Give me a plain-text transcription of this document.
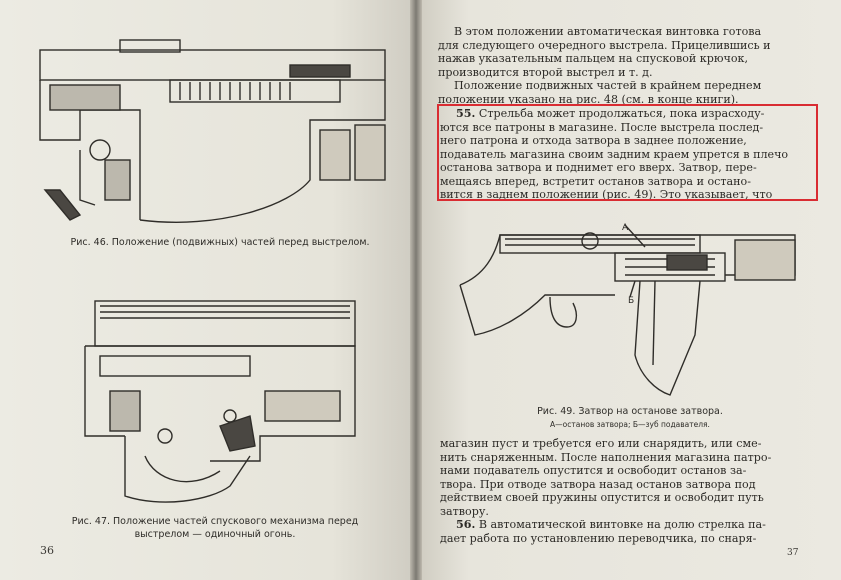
Рис. 46. Положение (подвижных) частей перед выстрелом.
Рис. 47. Положение частей спускового механизма перед
выстрелом — одиночный огонь.
36

В этом положении автоматическая винтовка готова

для следующего очередного выстрела. Прицелившись и

нажав указательным пальцем на спусковой крючок,

производится второй выстрел и т. д.

Положение подвижных частей в крайнем переднем

положении указано на рис. 48 (см. в конце книги).

55. Стрельба может продолжаться, пока израсходу-

ются все патроны в магазине. После выстрела послед-

него патрона и отхода затвора в заднее положение,

подаватель магазина своим задним краем упрется в плечо

останова затвора и поднимет его вверх. Затвор, пере-

мещаясь вперед, встретит останов затвора и остано-

вится в заднем положении (рис. 49). Это указывает, что

А
Б
Рис. 49. Затвор на останове затвора.
А—останов затвора; Б—зуб подавателя.

магазин пуст и требуется его или снарядить, или сме-

нить снаряженным. После наполнения магазина патро-

нами подаватель опустится и освободит останов за-

твора. При отводе затвора назад останов затвора под

действием своей пружины опустится и освободит путь

затвору.

56. В автоматической винтовке на долю стрелка па-

дает работа по установлению переводчика, по снаря-

37
